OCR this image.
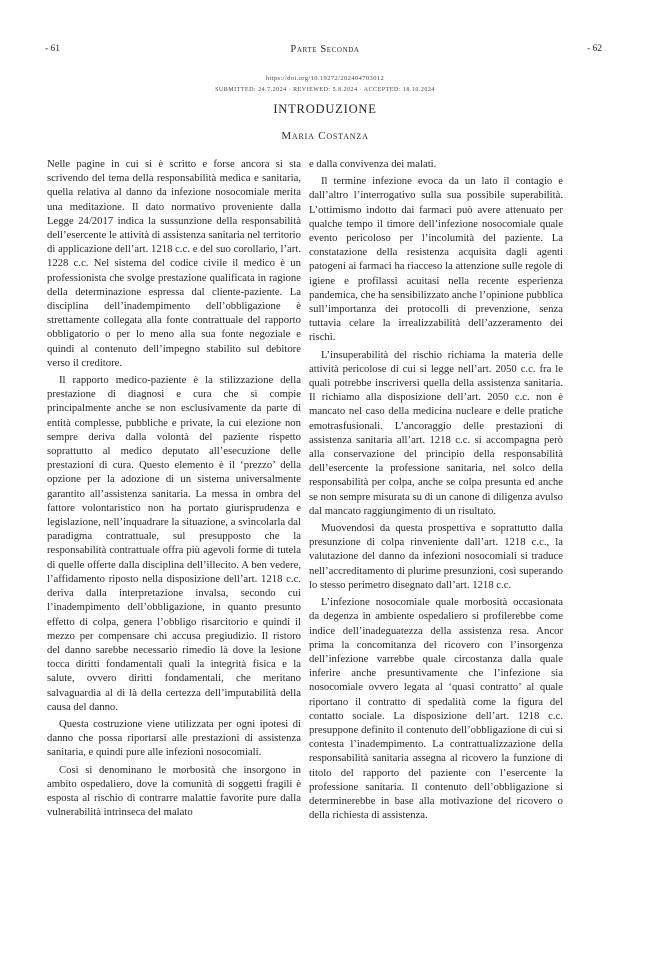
- 61	Parte Seconda	- 62
https://doi.org/10.19272/202404703012
SUBMITTED: 24.7.2024 · REVIEWED: 5.8.2024 · ACCEPTED: 18.10.2024
INTRODUZIONE
Maria Costanza

Nelle pagine in cui si è scritto e forse ancora si sta scrivendo del tema della responsabilità medica e sanitaria, quella relativa al danno da infezione nosocomiale merita una meditazione. Il dato normativo proveniente dalla Legge 24/2017 indica la sussunzione della responsabilità dell’esercente le attività di assistenza sanitaria nel territorio di applicazione dell’art. 1218 c.c. e del suo corollario, l’art. 1228 c.c. Nel sistema del codice civile il medico è un professionista che svolge prestazione qualificata in ragione della determinazione espressa dal cliente-paziente. La disciplina dell’inadempimento dell’obbligazione è strettamente collegata alla fonte contrattuale del rapporto obbligatorio o per lo meno alla sua fonte negoziale e quindi al contenuto dell’impegno stabilito sul debitore verso il creditore.

Il rapporto medico-paziente è la stilizzazione della prestazione di diagnosi e cura che si compie principalmente anche se non esclusivamente da parte di entità complesse, pubbliche e private, la cui elezione non sempre deriva dalla volontà del paziente rispetto soprattutto al medico deputato all’esecuzione delle prestazioni di cura. Questo elemento è il ‘prezzo’ della opzione per la adozione di un sistema universalmente garantito all’assistenza sanitaria. La messa in ombra del fattore volontaristico non ha portato giurisprudenza e legislazione, nell’inquadrare la situazione, a svincolarla dal paradigma contrattuale, sul presupposto che la responsabilità contrattuale offra più agevoli forme di tutela di quelle offerte dalla disciplina dell’illecito. A ben vedere, l’affidamento riposto nella disposizione dell’art. 1218 c.c. deriva dalla interpretazione invalsa, secondo cui l’inadempimento dell’obbligazione, in quanto presunto effetto di colpa, genera l’obbligo risarcitorio e quindi il mezzo per compensare chi accusa pregiudizio. Il ristoro del danno sarebbe necessario rimedio là dove la lesione tocca diritti fondamentali quali la integrità fisica e la salute, ovvero diritti fondamentali, che meritano salvaguardia al di là della certezza dell’imputabilità della causa del danno.

Questa costruzione viene utilizzata per ogni ipotesi di danno che possa riportarsi alle prestazioni di assistenza sanitaria, e quindi pure alle infezioni nosocomiali.

Così si denominano le morbosità che insorgono in ambito ospedaliero, dove la comunità di soggetti fragili è esposta al rischio di contrarre malattie favorite pure dalla vulnerabilità intrinseca del malato

e dalla convivenza dei malati.

Il termine infezione evoca da un lato il contagio e dall’altro l’interrogativo sulla sua possibile superabilità. L’ottimismo indotto dai farmaci può avere attenuato per qualche tempo il timore dell’infezione nosocomiale quale evento pericoloso per l’incolumità del paziente. La constatazione della resistenza acquisita dagli agenti patogeni ai farmaci ha riacceso la attenzione sulle regole di igiene e profilassi acuitasi nella recente esperienza pandemica, che ha sensibilizzato anche l’opinione pubblica sull’importanza dei protocolli di prevenzione, senza tuttavia celare la irrealizzabilità dell’azzeramento dei rischi.

L’insuperabilità del rischio richiama la materia delle attività pericolose di cui si legge nell’art. 2050 c.c. fra le quali potrebbe inscriversi quella della assistenza sanitaria. Il richiamo alla disposizione dell’art. 2050 c.c. non è mancato nel caso della medicina nucleare e delle pratiche emotrasfusionali. L’ancoraggio delle prestazioni di assistenza sanitaria all’art. 1218 c.c. si accompagna però alla conservazione del principio della responsabilità dell’esercente la professione sanitaria, nel solco della responsabilità per colpa, anche se colpa presunta ed anche se non sempre misurata su di un canone di diligenza avulso dal mancato raggiungimento di un risultato.

Muovendosi da questa prospettiva e soprattutto dalla presunzione di colpa rinveniente dall’art. 1218 c.c., la valutazione del danno da infezioni nosocomiali si traduce nell’accreditamento di plurime presunzioni, così superando lo stesso perimetro disegnato dall’art. 1218 c.c.

L’infezione nosocomiale quale morbosità occasionata da degenza in ambiente ospedaliero si profilerebbe come indice dell’inadeguatezza della assistenza resa. Ancor prima la concomitanza del ricovero con l’insorgenza dell’infezione varrebbe quale circostanza dalla quale inferire anche presuntivamente che l’infezione sia nosocomiale ovvero legata al ‘quasi contratto’ al quale riportano il contratto di spedalità come la figura del contatto sociale. La disposizione dell’art. 1218 c.c. presuppone definito il contenuto dell’obbligazione di cui si contesta l’inadempimento. La contrattualizzazione della responsabilità sanitaria assegna al ricovero la funzione di titolo del rapporto del paziente con l’esercente la professione sanitaria. Il contenuto dell’obbligazione si determinerebbe in base alla motivazione del ricovero o della richiesta di assistenza.
